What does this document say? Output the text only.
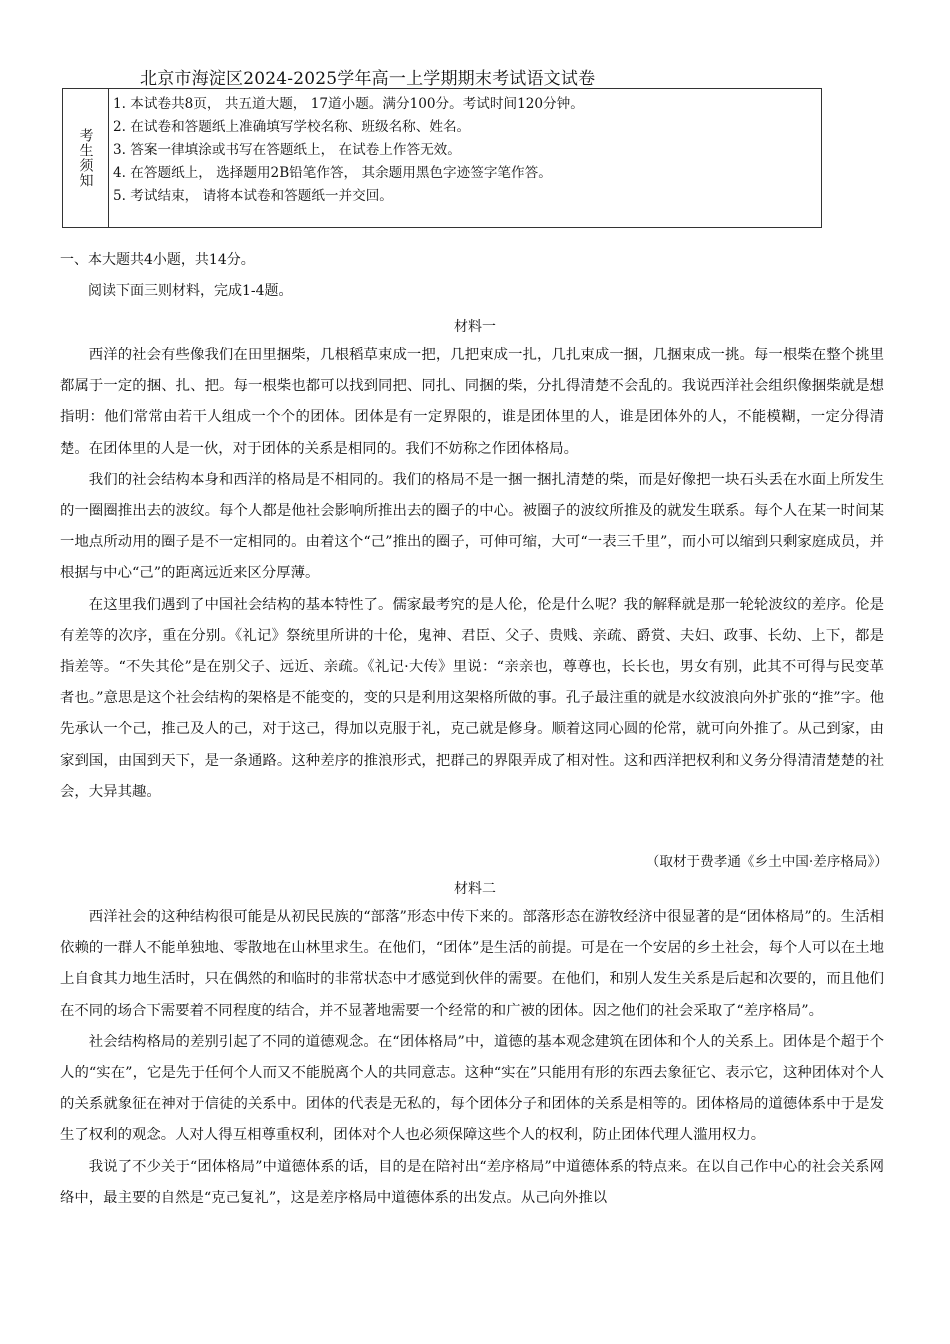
北京市海淀区2024-2025学年高一上学期期末考试语文试卷
考生须知
1. 本试卷共8页， 共五道大题， 17道小题。满分100分。考试时间120分钟。
2. 在试卷和答题纸上准确填写学校名称、班级名称、姓名。
3. 答案一律填涂或书写在答题纸上， 在试卷上作答无效。
4. 在答题纸上， 选择题用2B铅笔作答， 其余题用黑色字迹签字笔作答。
5. 考试结束， 请将本试卷和答题纸一并交回。
一、本大题共4小题，共14分。
阅读下面三则材料，完成1-4题。
材料一

西洋的社会有些像我们在田里捆柴，几根稻草束成一把，几把束成一扎，几扎束成一捆，几捆束成一挑。每一根柴在整个挑里都属于一定的捆、扎、把。每一根柴也都可以找到同把、同扎、同捆的柴，分扎得清楚不会乱的。我说西洋社会组织像捆柴就是想指明：他们常常由若干人组成一个个的团体。团体是有一定界限的，谁是团体里的人，谁是团体外的人，不能模糊，一定分得清楚。在团体里的人是一伙，对于团体的关系是相同的。我们不妨称之作团体格局。

我们的社会结构本身和西洋的格局是不相同的。我们的格局不是一捆一捆扎清楚的柴，而是好像把一块石头丢在水面上所发生的一圈圈推出去的波纹。每个人都是他社会影响所推出去的圈子的中心。被圈子的波纹所推及的就发生联系。每个人在某一时间某一地点所动用的圈子是不一定相同的。由着这个“己”推出的圈子，可伸可缩，大可“一表三千里”，而小可以缩到只剩家庭成员，并根据与中心“己”的距离远近来区分厚薄。

在这里我们遇到了中国社会结构的基本特性了。儒家最考究的是人伦，伦是什么呢？我的解释就是那一轮轮波纹的差序。伦是有差等的次序，重在分别。《礼记》祭统里所讲的十伦，鬼神、君臣、父子、贵贱、亲疏、爵赏、夫妇、政事、长幼、上下，都是指差等。“不失其伦”是在别父子、远近、亲疏。《礼记·大传》里说：“亲亲也，尊尊也，长长也，男女有别，此其不可得与民变革者也。”意思是这个社会结构的架格是不能变的，变的只是利用这架格所做的事。孔子最注重的就是水纹波浪向外扩张的“推”字。他先承认一个己，推己及人的己，对于这己，得加以克服于礼，克己就是修身。顺着这同心圆的伦常，就可向外推了。从己到家，由家到国，由国到天下，是一条通路。这种差序的推浪形式，把群己的界限弄成了相对性。这和西洋把权利和义务分得清清楚楚的社会，大异其趣。

（取材于费孝通《乡土中国·差序格局》）
材料二

西洋社会的这种结构很可能是从初民民族的“部落”形态中传下来的。部落形态在游牧经济中很显著的是“团体格局”的。生活相依赖的一群人不能单独地、零散地在山林里求生。在他们，“团体”是生活的前提。可是在一个安居的乡土社会，每个人可以在土地上自食其力地生活时，只在偶然的和临时的非常状态中才感觉到伙伴的需要。在他们，和别人发生关系是后起和次要的，而且他们在不同的场合下需要着不同程度的结合，并不显著地需要一个经常的和广被的团体。因之他们的社会采取了“差序格局”。

社会结构格局的差别引起了不同的道德观念。在“团体格局”中，道德的基本观念建筑在团体和个人的关系上。团体是个超于个人的“实在”，它是先于任何个人而又不能脱离个人的共同意志。这种“实在”只能用有形的东西去象征它、表示它，这种团体对个人的关系就象征在神对于信徒的关系中。团体的代表是无私的，每个团体分子和团体的关系是相等的。团体格局的道德体系中于是发生了权利的观念。人对人得互相尊重权利，团体对个人也必须保障这些个人的权利，防止团体代理人滥用权力。

我说了不少关于“团体格局”中道德体系的话，目的是在陪衬出“差序格局”中道德体系的特点来。在以自己作中心的社会关系网络中，最主要的自然是“克己复礼”，这是差序格局中道德体系的出发点。从己向外推以
